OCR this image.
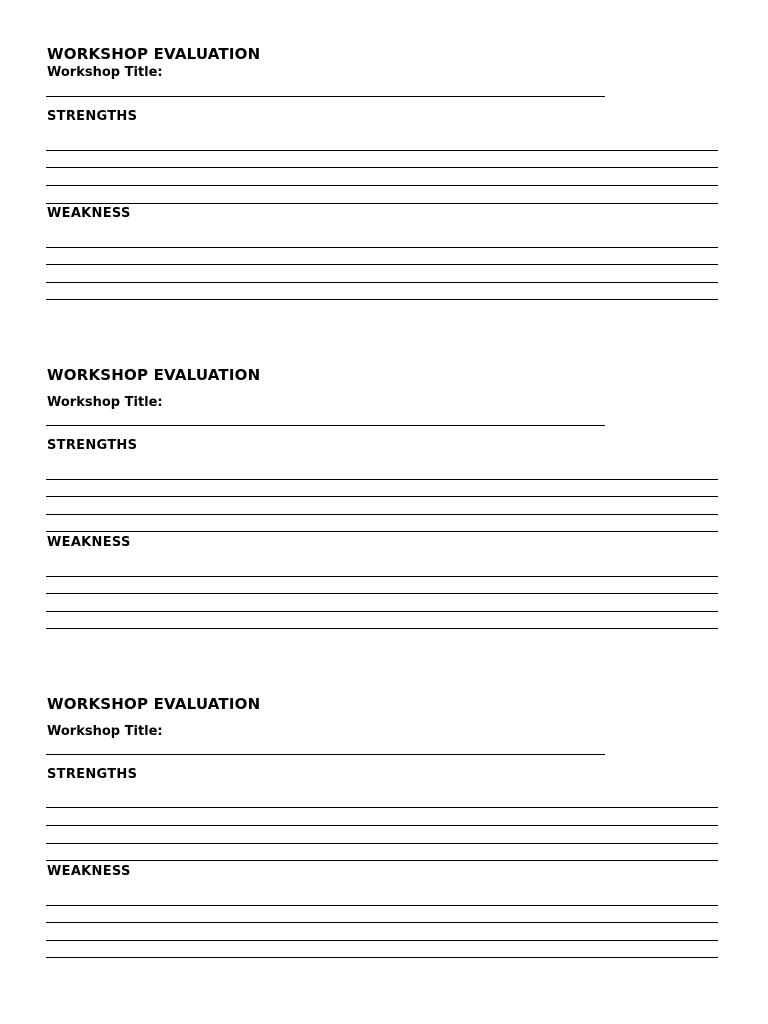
WORKSHOP EVALUATION
Workshop Title:
STRENGTHS
WEAKNESS
WORKSHOP EVALUATION
Workshop Title:
STRENGTHS
WEAKNESS
WORKSHOP EVALUATION
Workshop Title:
STRENGTHS
WEAKNESS
